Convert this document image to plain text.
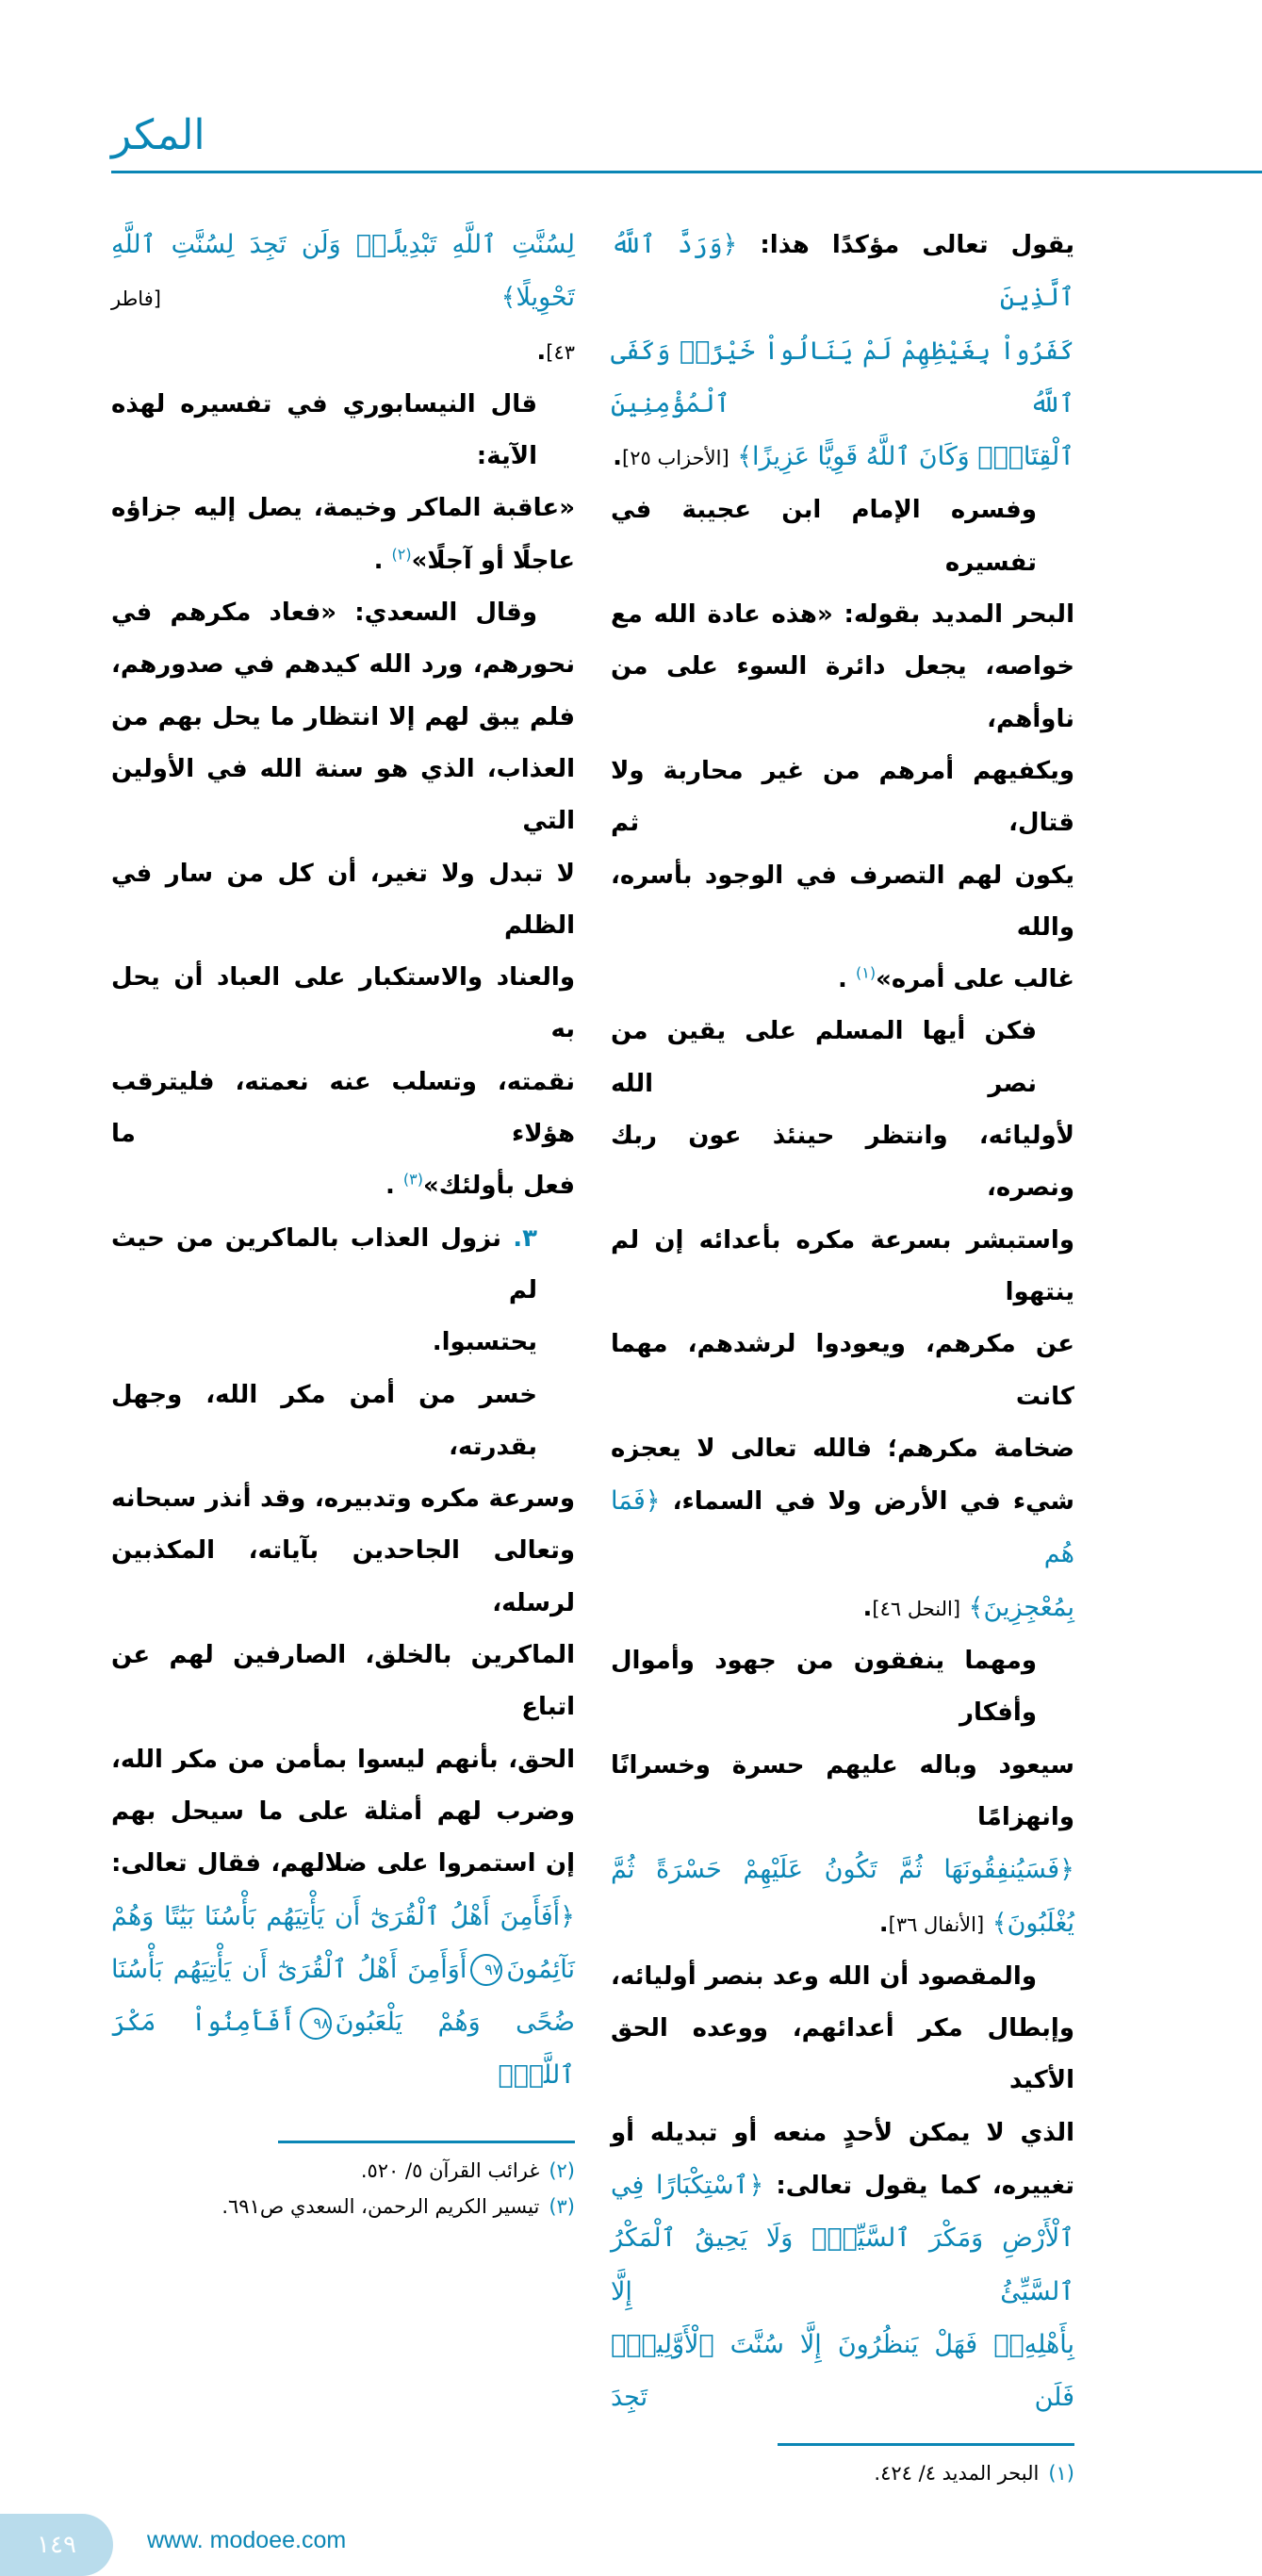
المكر
يقول تعالى مؤكدًا هذا: ﴿وَرَدَّ ٱللَّهُ ٱلَّذِينَ
كَفَرُواْ بِغَيْظِهِمْ لَمْ يَنَالُواْ خَيْرًاۚ وَكَفَى ٱللَّهُ ٱلْمُؤْمِنِينَ
ٱلْقِتَالَۚ وَكَانَ ٱللَّهُ قَوِيًّا عَزِيزًا﴾ [الأحزاب ٢٥].
وفسره الإمام ابن عجيبة في تفسيره
البحر المديد بقوله: «هذه عادة الله مع
خواصه، يجعل دائرة السوء على من ناوأهم،
ويكفيهم أمرهم من غير محاربة ولا قتال، ثم
يكون لهم التصرف في الوجود بأسره، والله
غالب على أمره»$^{(١)}$ .
فكن أيها المسلم على يقين من نصر الله
لأوليائه، وانتظر حينئذ عون ربك ونصره،
واستبشر بسرعة مكره بأعدائه إن لم ينتهوا
عن مكرهم، ويعودوا لرشدهم، مهما كانت
ضخامة مكرهم؛ فالله تعالى لا يعجزه
شيء في الأرض ولا في السماء، ﴿فَمَا هُم
بِمُعْجِزِينَ﴾ [النحل ٤٦].
ومهما ينفقون من جهود وأموال وأفكار
سيعود وباله عليهم حسرة وخسرانًا وانهزامًا
﴿فَسَيُنفِقُونَهَا ثُمَّ تَكُونُ عَلَيْهِمْ حَسْرَةً ثُمَّ
يُغْلَبُونَ﴾ [الأنفال ٣٦].
والمقصود أن الله وعد بنصر أوليائه،
وإبطال مكر أعدائهم، ووعده الحق الأكيد
الذي لا يمكن لأحدٍ منعه أو تبديله أو
تغييره، كما يقول تعالى: ﴿ٱسْتِكْبَارًا فِي
ٱلْأَرْضِ وَمَكْرَ ٱلسَّيِّئِۚ وَلَا يَحِيقُ ٱلْمَكْرُ ٱلسَّيِّئُ إِلَّا
بِأَهْلِهِۦۚ فَهَلْ يَنظُرُونَ إِلَّا سُنَّتَ ٱلْأَوَّلِينَۚ فَلَن تَجِدَ
(١)البحر المديد ٤/ ٤٢٤.
لِسُنَّتِ ٱللَّهِ تَبْدِيلًاۖ وَلَن تَجِدَ لِسُنَّتِ ٱللَّهِ تَحْوِيلًا﴾ [فاطر
٤٣].
قال النيسابوري في تفسيره لهذه الآية:
«عاقبة الماكر وخيمة، يصل إليه جزاؤه
عاجلًا أو آجلًا»$^{(٢)}$ .
وقال السعدي: «فعاد مكرهم في
نحورهم، ورد الله كيدهم في صدورهم،
فلم يبق لهم إلا انتظار ما يحل بهم من
العذاب، الذي هو سنة الله في الأولين التي
لا تبدل ولا تغير، أن كل من سار في الظلم
والعناد والاستكبار على العباد أن يحل به
نقمته، وتسلب عنه نعمته، فليترقب هؤلاء ما
فعل بأولئك»$^{(٣)}$ .
٣. نزول العذاب بالماكرين من حيث لم
يحتسبوا.
خسر من أمن مكر الله، وجهل بقدرته،
وسرعة مكره وتدبيره، وقد أنذر سبحانه
وتعالى الجاحدين بآياته، المكذبين لرسله،
الماكرين بالخلق، الصارفين لهم عن اتباع
الحق، بأنهم ليسوا بمأمن من مكر الله،
وضرب لهم أمثلة على ما سيحل بهم
إن استمروا على ضلالهم، فقال تعالى:
﴿أَفَأَمِنَ أَهْلُ ٱلْقُرَىٰٓ أَن يَأْتِيَهُم بَأْسُنَا بَيَٰتًا وَهُمْ
نَآئِمُونَ٩٧أَوَأَمِنَ أَهْلُ ٱلْقُرَىٰٓ أَن يَأْتِيَهُم بَأْسُنَا
ضُحًى وَهُمْ يَلْعَبُونَ٩٨أَفَأَمِنُواْ مَكْرَ ٱللَّهِۚ
(٢)غرائب القرآن ٥/ ٥٢٠.
(٣)تيسير الكريم الرحمن، السعدي ص٦٩١.
١٤٩	www. modoee.com
